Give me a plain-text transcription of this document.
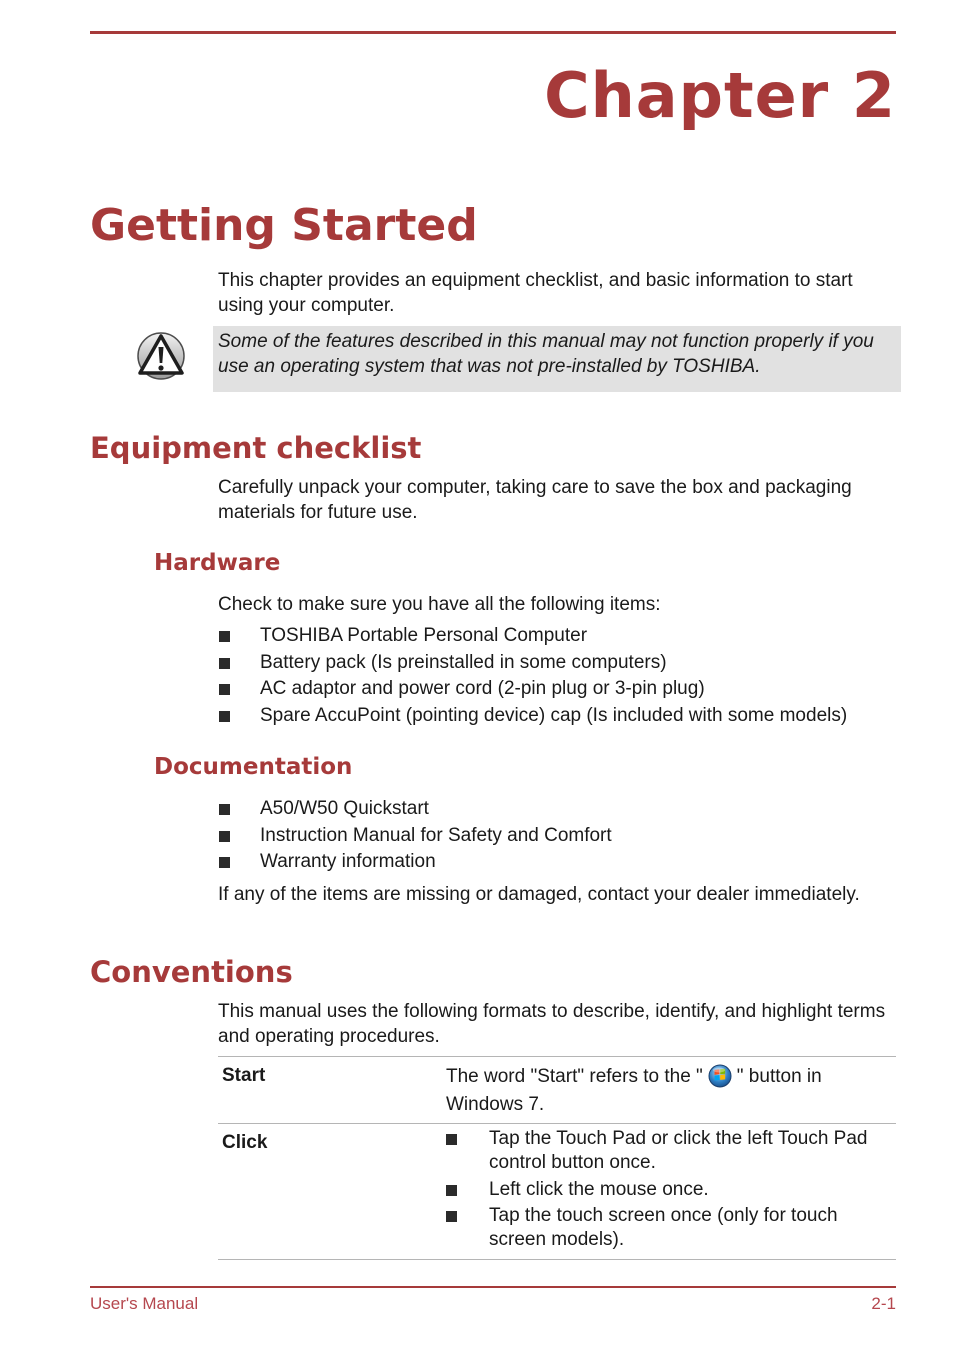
Chapter 2
Getting Started
This chapter provides an equipment checklist, and basic information to start using your computer.
Some of the features described in this manual may not function properly if you use an operating system that was not pre-installed by TOSHIBA.
Equipment checklist
Carefully unpack your computer, taking care to save the box and packaging materials for future use.
Hardware
Check to make sure you have all the following items:
TOSHIBA Portable Personal Computer
Battery pack (Is preinstalled in some computers)
AC adaptor and power cord (2-pin plug or 3-pin plug)
Spare AccuPoint (pointing device) cap (Is included with some models)
Documentation
A50/W50 Quickstart
Instruction Manual for Safety and Comfort
Warranty information
If any of the items are missing or damaged, contact your dealer immediately.
Conventions
This manual uses the following formats to describe, identify, and highlight terms and operating procedures.
Start	The word "Start" refers to the " " button in Windows 7.
Click	Tap the Touch Pad or click the left Touch Pad control button once.
Left click the mouse once.
Tap the touch screen once (only for touch screen models).
User's Manual	2-1
